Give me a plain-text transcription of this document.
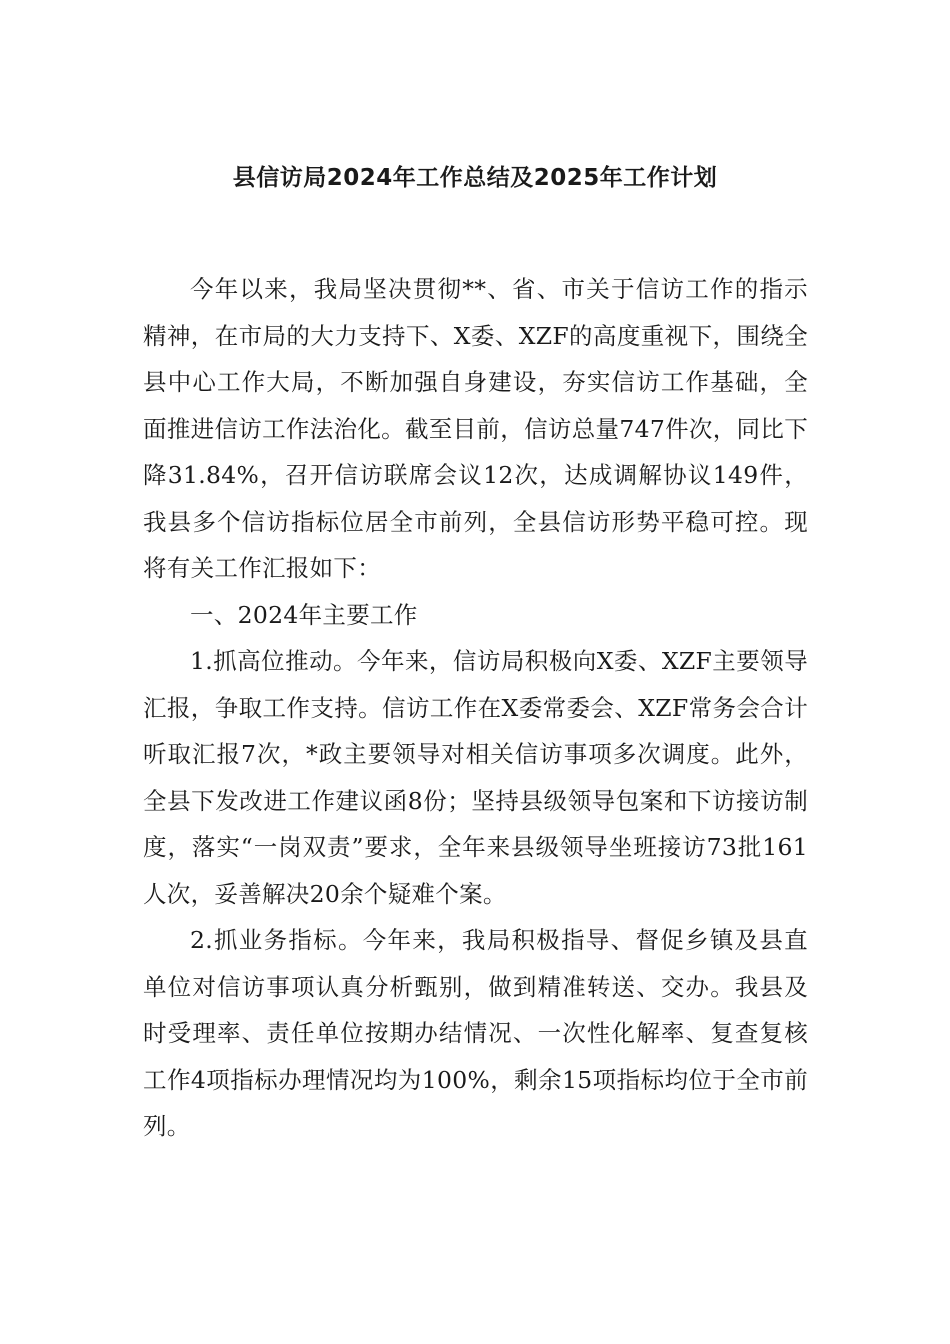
县信访局2024年工作总结及2025年工作计划

今年以来，我局坚决贯彻**、省、市关于信访工作的指示精神，在市局的大力支持下、X委、XZF的高度重视下，围绕全县中心工作大局，不断加强自身建设，夯实信访工作基础，全面推进信访工作法治化。截至目前，信访总量747件次，同比下降31.84%，召开信访联席会议12次，达成调解协议149件，我县多个信访指标位居全市前列，全县信访形势平稳可控。现将有关工作汇报如下：

一、2024年主要工作

1.抓高位推动。今年来，信访局积极向X委、XZF主要领导汇报，争取工作支持。信访工作在X委常委会、XZF常务会合计听取汇报7次，*政主要领导对相关信访事项多次调度。此外，全县下发改进工作建议函8份；坚持县级领导包案和下访接访制度，落实“一岗双责”要求，全年来县级领导坐班接访73批161人次，妥善解决20余个疑难个案。

2.抓业务指标。今年来，我局积极指导、督促乡镇及县直单位对信访事项认真分析甄别，做到精准转送、交办。我县及时受理率、责任单位按期办结情况、一次性化解率、复查复核工作4项指标办理情况均为100%，剩余15项指标均位于全市前列。
